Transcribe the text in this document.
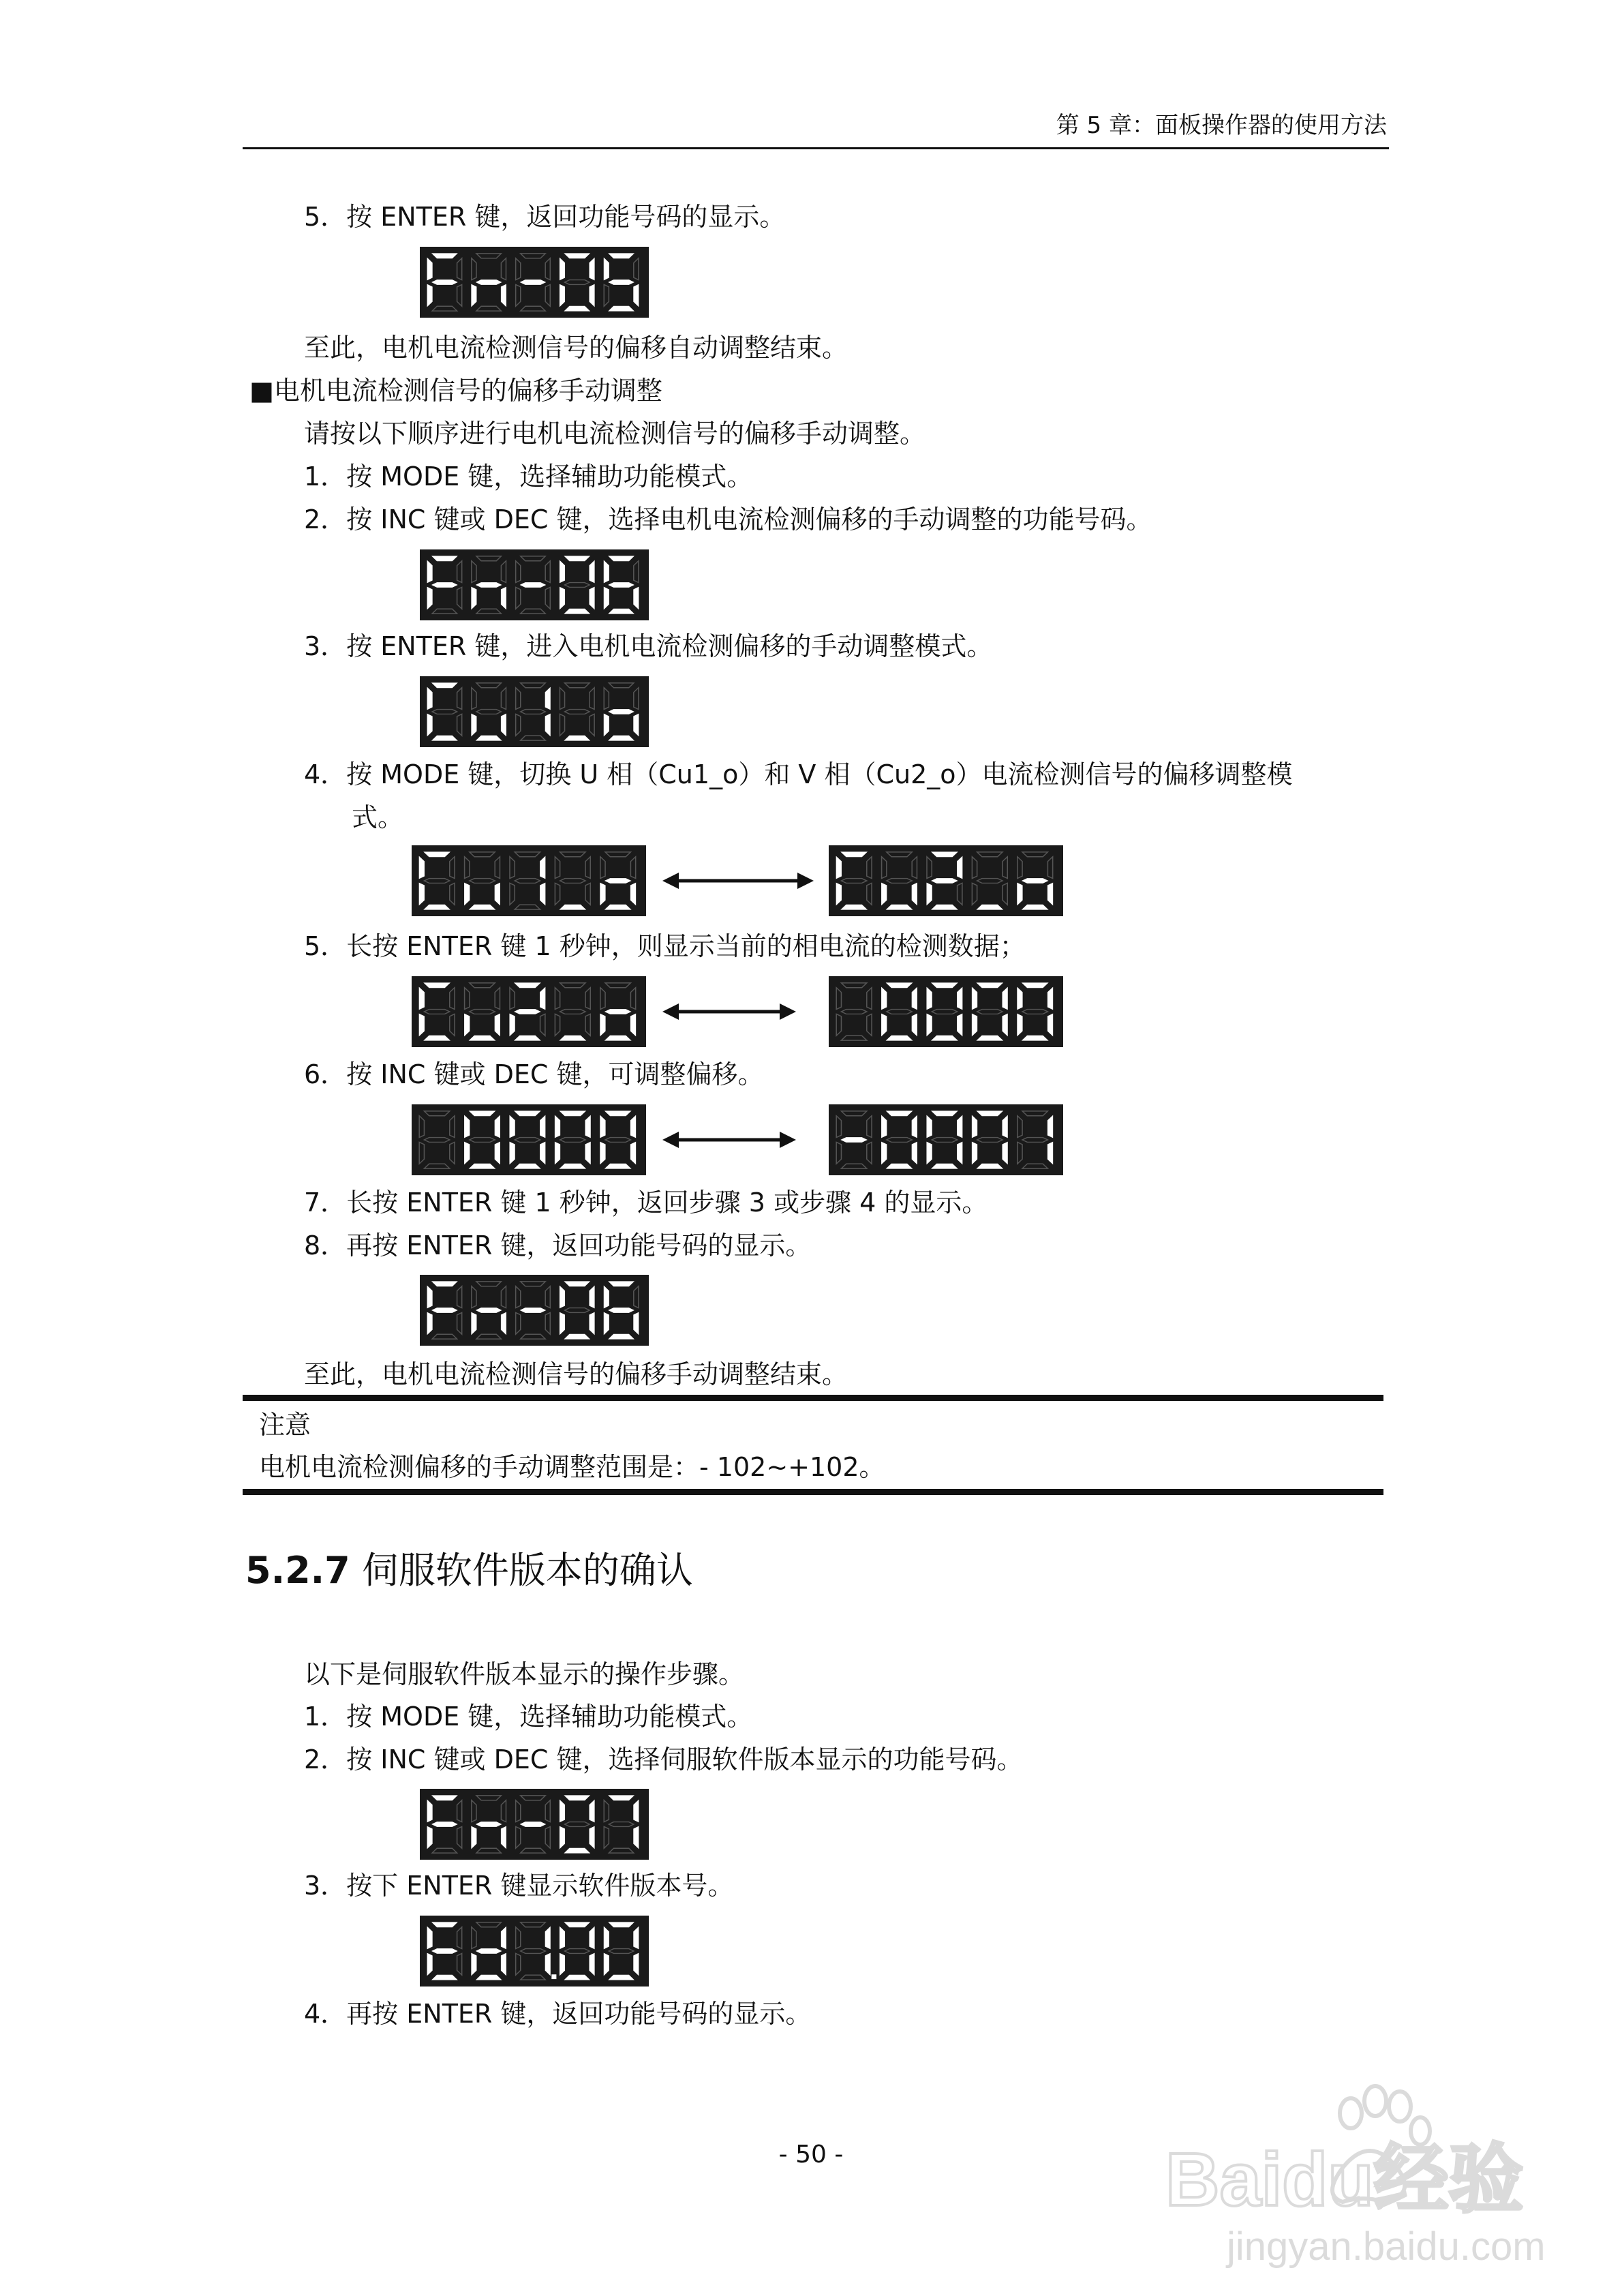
第 5 章：面板操作器的使用方法
5．按 ENTER 键，返回功能号码的显示。
至此，电机电流检测信号的偏移自动调整结束。
■电机电流检测信号的偏移手动调整
请按以下顺序进行电机电流检测信号的偏移手动调整。
1．按 MODE 键，选择辅助功能模式。
2．按 INC 键或 DEC 键，选择电机电流检测偏移的手动调整的功能号码。
3．按 ENTER 键，进入电机电流检测偏移的手动调整模式。
4．按 MODE 键，切换 U 相（Cu1_o）和 V 相（Cu2_o）电流检测信号的偏移调整模
式。
5．长按 ENTER 键 1 秒钟，则显示当前的相电流的检测数据；
6．按 INC 键或 DEC 键，可调整偏移。
7．长按 ENTER 键 1 秒钟，返回步骤 3 或步骤 4 的显示。
8．再按 ENTER 键，返回功能号码的显示。
至此，电机电流检测信号的偏移手动调整结束。
注意
电机电流检测偏移的手动调整范围是：- 102~+102。
5.2.7 伺服软件版本的确认
以下是伺服软件版本显示的操作步骤。
1．按 MODE 键，选择辅助功能模式。
2．按 INC 键或 DEC 键，选择伺服软件版本显示的功能号码。
3．按下 ENTER 键显示软件版本号。
4．再按 ENTER 键，返回功能号码的显示。
- 50 -	Baidu经验
jingyan.baidu.com
